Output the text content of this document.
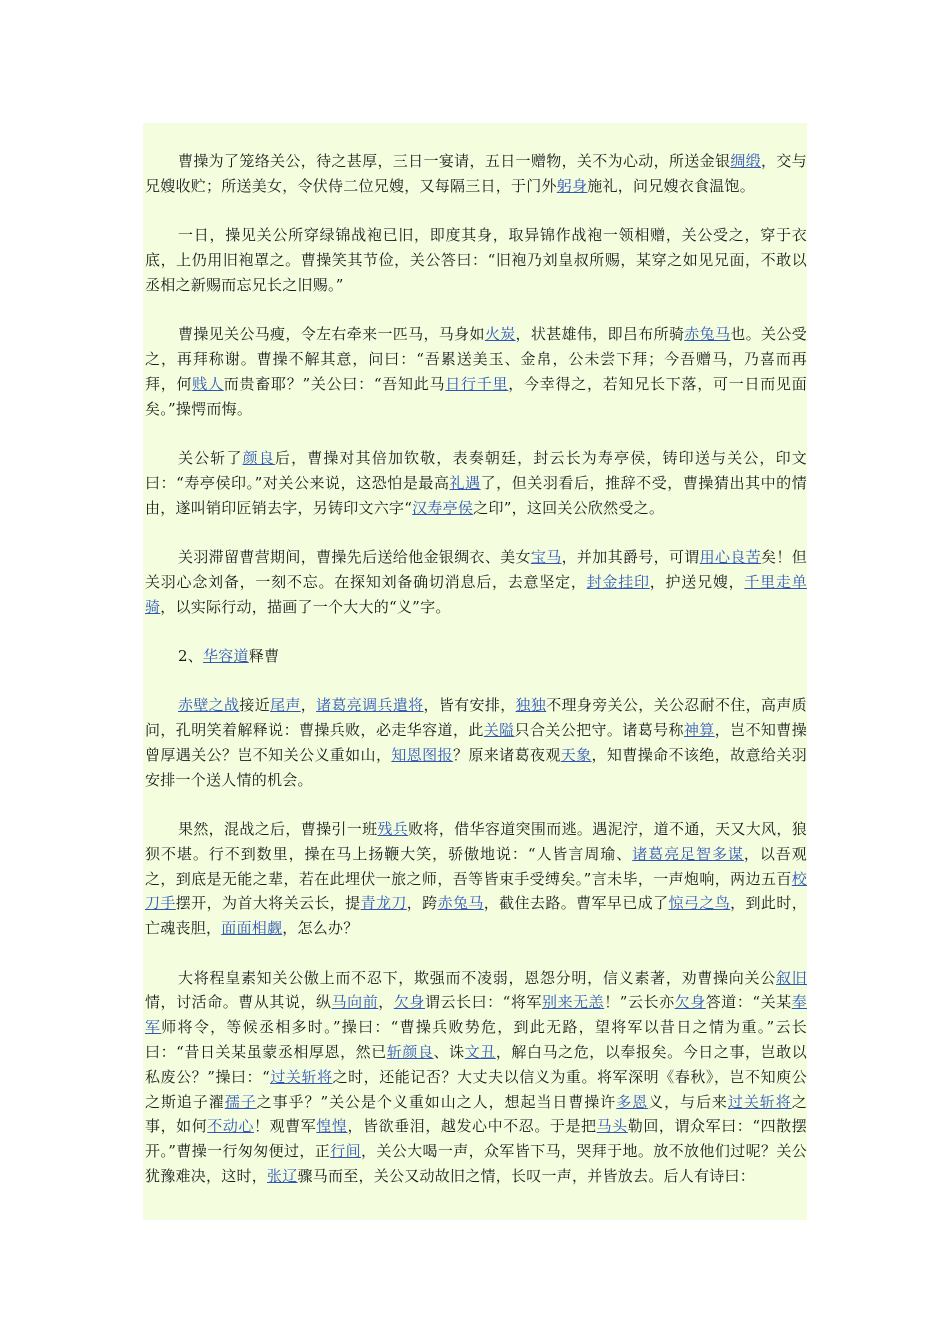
曹操为了笼络关公，待之甚厚，三日一宴请，五日一赠物，关不为心动，所送金银绸缎，交与兄嫂收贮；所送美女，令伏侍二位兄嫂，又每隔三日，于门外躬身施礼，问兄嫂衣食温饱。

一日，操见关公所穿绿锦战袍已旧，即度其身，取异锦作战袍一领相赠，关公受之，穿于衣底，上仍用旧袍罩之。曹操笑其节俭，关公答曰：“旧袍乃刘皇叔所赐，某穿之如见兄面，不敢以丞相之新赐而忘兄长之旧赐。”

曹操见关公马瘦，令左右牵来一匹马，马身如火炭，状甚雄伟，即吕布所骑赤兔马也。关公受之，再拜称谢。曹操不解其意，问曰：“吾累送美玉、金帛，公未尝下拜；今吾赠马，乃喜而再拜，何贱人而贵畜耶？”关公曰：“吾知此马日行千里，今幸得之，若知兄长下落，可一日而见面矣。”操愕而悔。

关公斩了颜良后，曹操对其倍加钦敬，表奏朝廷，封云长为寿亭侯，铸印送与关公，印文曰：“寿亭侯印。”对关公来说，这恐怕是最高礼遇了，但关羽看后，推辞不受，曹操猜出其中的情由，遂叫销印匠销去字，另铸印文六字“汉寿亭侯之印”，这回关公欣然受之。

关羽滞留曹营期间，曹操先后送给他金银绸衣、美女宝马，并加其爵号，可谓用心良苦矣！但关羽心念刘备，一刻不忘。在探知刘备确切消息后，去意坚定，封金挂印，护送兄嫂，千里走单骑，以实际行动，描画了一个大大的“义”字。

2、华容道释曹

赤壁之战接近尾声，诸葛亮调兵遣将，皆有安排，独独不理身旁关公，关公忍耐不住，高声质问，孔明笑着解释说：曹操兵败，必走华容道，此关隘只合关公把守。诸葛号称神算，岂不知曹操曾厚遇关公？岂不知关公义重如山，知恩图报？原来诸葛夜观天象，知曹操命不该绝，故意给关羽安排一个送人情的机会。

果然，混战之后，曹操引一班残兵败将，借华容道突围而逃。遇泥泞，道不通，天又大风，狼狈不堪。行不到数里，操在马上扬鞭大笑，骄傲地说：“人皆言周瑜、诸葛亮足智多谋，以吾观之，到底是无能之辈，若在此埋伏一旅之师，吾等皆束手受缚矣。”言未毕，一声炮响，两边五百校刀手摆开，为首大将关云长，提青龙刀，跨赤兔马，截住去路。曹军早已成了惊弓之鸟，到此时，亡魂丧胆，面面相觑，怎么办？

大将程皇素知关公傲上而不忍下，欺强而不凌弱，恩怨分明，信义素著，劝曹操向关公叙旧情，讨活命。曹从其说，纵马向前，欠身谓云长曰：“将军别来无恙！”云长亦欠身答道：“关某奉军师将令，等候丞相多时。”操曰：“曹操兵败势危，到此无路，望将军以昔日之情为重。”云长曰：“昔日关某虽蒙丞相厚恩，然已斩颜良、诛文丑，解白马之危，以奉报矣。今日之事，岂敢以私废公？”操曰：“过关斩将之时，还能记否？大丈夫以信义为重。将军深明《春秋》，岂不知庾公之斯追子濯孺子之事乎？”关公是个义重如山之人，想起当日曹操许多恩义，与后来过关斩将之事，如何不动心！观曹军惶惶，皆欲垂泪，越发心中不忍。于是把马头勒回，谓众军曰：“四散摆开。”曹操一行匆匆便过，正行间，关公大喝一声，众军皆下马，哭拜于地。放不放他们过呢？关公犹豫难决，这时，张辽骤马而至，关公又动故旧之情，长叹一声，并皆放去。后人有诗曰：
